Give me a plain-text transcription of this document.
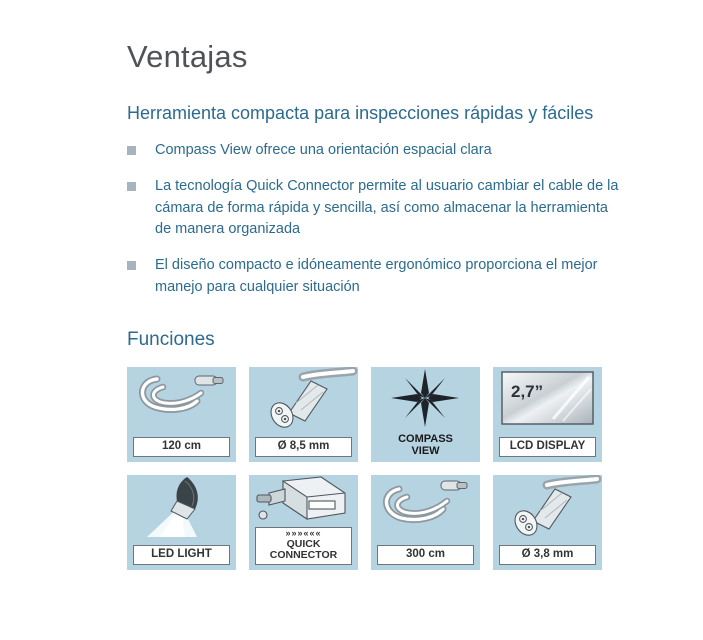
Ventajas
Herramienta compacta para inspecciones rápidas y fáciles
Compass View ofrece una orientación espacial clara
La tecnología Quick Connector permite al usuario cambiar el cable de la cámara de forma rápida y sencilla, así como almacenar la herramienta de manera organizada
El diseño compacto e idóneamente ergonómico proporciona el mejor manejo para cualquier situación
Funciones
120 cm	Ø 8,5 mm
COMPASS
VIEW
2,7”
LCD DISPLAY
LED LIGHT
»»»«««
QUICK
CONNECTOR	300 cm	Ø 3,8 mm
